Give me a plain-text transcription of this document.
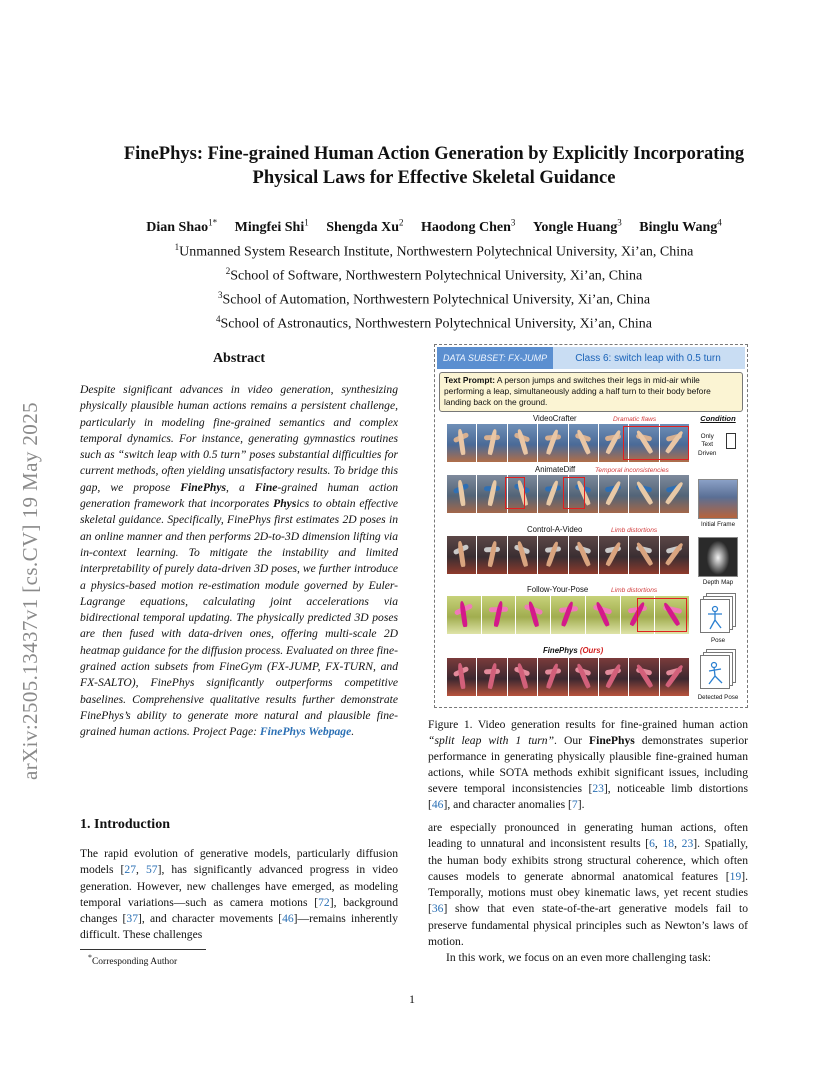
arXiv:2505.13437v1 [cs.CV] 19 May 2025
FinePhys: Fine-grained Human Action Generation by Explicitly Incorporating
Physical Laws for Effective Skeletal Guidance
Dian Shao$^{1*}$ Mingfei Shi$^1$ Shengda Xu$^2$ Haodong Chen$^3$ Yongle Huang$^3$ Binglu Wang$^4$
$^1$Unmanned System Research Institute, Northwestern Polytechnical University, Xi’an, China
$^2$School of Software, Northwestern Polytechnical University, Xi’an, China
$^3$School of Automation, Northwestern Polytechnical University, Xi’an, China
$^4$School of Astronautics, Northwestern Polytechnical University, Xi’an, China
Abstract
Despite significant advances in video generation, synthesizing physically plausible human actions remains a persistent challenge, particularly in modeling fine-grained semantics and complex temporal dynamics. For instance, generating gymnastics routines such as “switch leap with 0.5 turn” poses substantial difficulties for current methods, often yielding unsatisfactory results. To bridge this gap, we propose FinePhys, a Fine-grained human action generation framework that incorporates Physics to obtain effective skeletal guidance. Specifically, FinePhys first estimates 2D poses in an online manner and then performs 2D-to-3D dimension lifting via in-context learning. To mitigate the instability and limited interpretability of purely data-driven 3D poses, we further introduce a physics-based motion re-estimation module governed by Euler-Lagrange equations, calculating joint accelerations via bidirectional temporal updating. The physically predicted 3D poses are then fused with data-driven ones, offering multi-scale 2D heatmap guidance for the diffusion process. Evaluated on three fine-grained action subsets from FineGym (FX-JUMP, FX-TURN, and FX-SALTO), FinePhys significantly outperforms competitive baselines. Comprehensive qualitative results further demonstrate FinePhys’s ability to generate more natural and plausible fine-grained human actions. Project Page: FinePhys Webpage.
1. Introduction
The rapid evolution of generative models, particularly diffusion models [27, 57], has significantly advanced progress in video generation. However, new challenges have emerged, as modeling temporal variations—such as camera motions [72], background changes [37], and character movements [46]—remains inherently difficult. These challenges
*Corresponding Author
DATA SUBSET: FX-JUMP	Class 6: switch leap with 0.5 turn
Text Prompt: A person jumps and switches their legs in mid-air while performing a leap, simultaneously adding a half turn to their body before landing back on the ground.
VideoCrafter	Dramatic flaws
AnimateDiff	Temporal inconsistencies
Control-A-Video	Limb distortions
Follow-Your-Pose	Limb distortions
FinePhys (Ours)
Condition
Only
Text
Driven
Initial Frame
Depth Map
Pose
Detected Pose
Figure 1. Video generation results for fine-grained human action “split leap with 1 turn”. Our FinePhys demonstrates superior performance in generating physically plausible fine-grained human actions, while SOTA methods exhibit significant issues, including severe temporal inconsistencies [23], noticeable limb distortions [46], and character anomalies [7].
are especially pronounced in generating human actions, often leading to unnatural and inconsistent results [6, 18, 23]. Spatially, the human body exhibits strong structural coherence, which often causes models to generate abnormal anatomical features [19]. Temporally, motions must obey kinematic laws, yet recent studies [36] show that even state-of-the-art generative models fail to preserve fundamental physical principles such as Newton’s laws of motion.
In this work, we focus on an even more challenging task:
1
